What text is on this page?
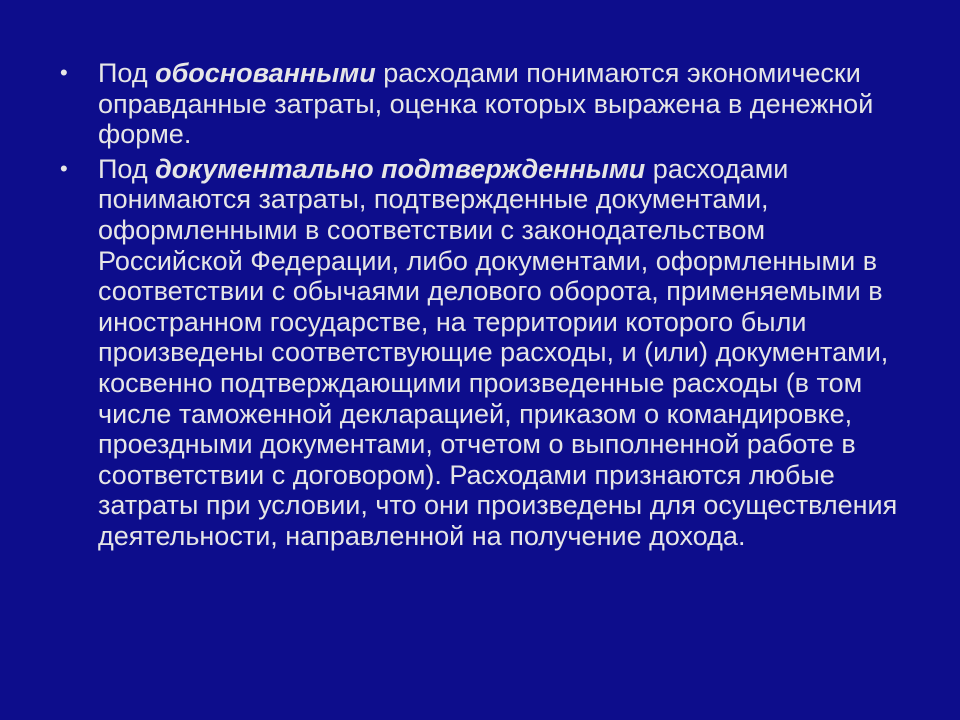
• Под обоснованными расходами понимаются экономически оправданные затраты, оценка которых выражена в денежной форме.
• Под документально подтвержденными расходами понимаются затраты, подтвержденные документами, оформленными в соответствии с законодательством Российской Федерации, либо документами, оформленными в соответствии с обычаями делового оборота, применяемыми в иностранном государстве, на территории которого были произведены соответствующие расходы, и (или) документами, косвенно подтверждающими произведенные расходы (в том числе таможенной декларацией, приказом о командировке, проездными документами, отчетом о выполненной работе в соответствии с договором). Расходами признаются любые затраты при условии, что они произведены для осуществления деятельности, направленной на получение дохода.
